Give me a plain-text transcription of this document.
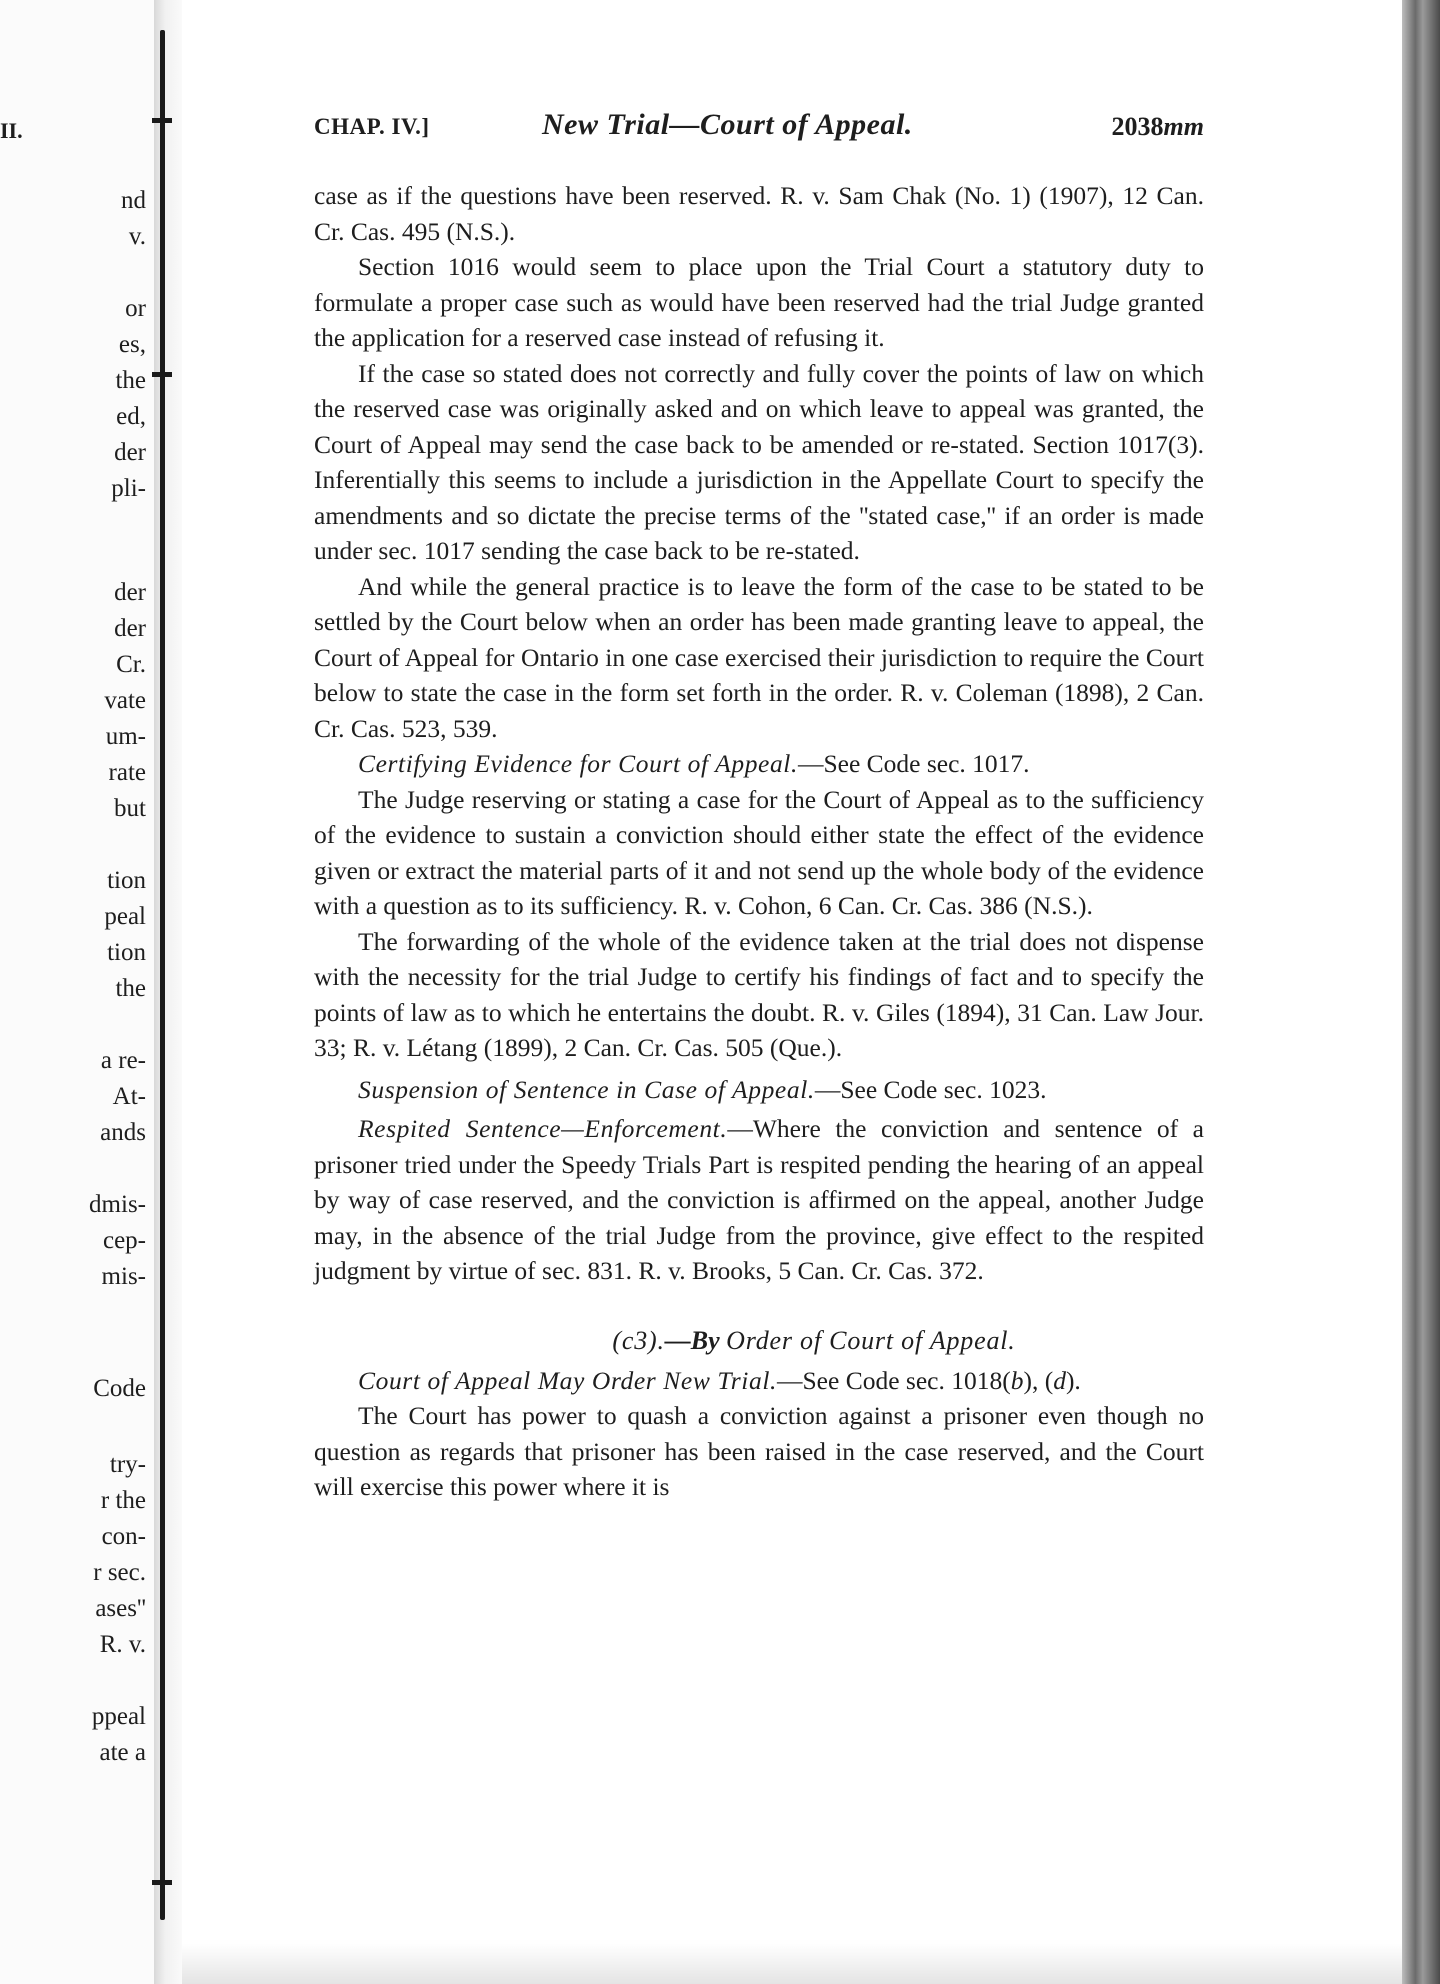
II.
nd
v.
or
es,
the
ed,
der
pli-
der
der
Cr.
vate
um-
rate
but
tion
peal
tion
the
a re-
At-
ands
dmis-
cep-
mis-
Code
try-
r the
con-
r sec.
ases''
R. v.
ppeal
ate a
CHAP. IV.]	New Trial—Court of Appeal.	2038mm

case as if the questions have been reserved. R. v. Sam Chak (No. 1) (1907), 12 Can. Cr. Cas. 495 (N.S.).

Section 1016 would seem to place upon the Trial Court a statutory duty to formulate a proper case such as would have been reserved had the trial Judge granted the application for a reserved case instead of refusing it.

If the case so stated does not correctly and fully cover the points of law on which the reserved case was originally asked and on which leave to appeal was granted, the Court of Appeal may send the case back to be amended or re-stated. Section 1017(3). Inferentially this seems to include a jurisdiction in the Appellate Court to specify the amendments and so dictate the precise terms of the ''stated case,'' if an order is made under sec. 1017 sending the case back to be re-stated.

And while the general practice is to leave the form of the case to be stated to be settled by the Court below when an order has been made granting leave to appeal, the Court of Appeal for Ontario in one case exercised their jurisdiction to require the Court below to state the case in the form set forth in the order. R. v. Coleman (1898), 2 Can. Cr. Cas. 523, 539.

Certifying Evidence for Court of Appeal.—See Code sec. 1017.

The Judge reserving or stating a case for the Court of Appeal as to the sufficiency of the evidence to sustain a conviction should either state the effect of the evidence given or extract the material parts of it and not send up the whole body of the evidence with a question as to its sufficiency. R. v. Cohon, 6 Can. Cr. Cas. 386 (N.S.).

The forwarding of the whole of the evidence taken at the trial does not dispense with the necessity for the trial Judge to certify his findings of fact and to specify the points of law as to which he entertains the doubt. R. v. Giles (1894), 31 Can. Law Jour. 33; R. v. Létang (1899), 2 Can. Cr. Cas. 505 (Que.).

Suspension of Sentence in Case of Appeal.—See Code sec. 1023.

Respited Sentence—Enforcement.—Where the conviction and sentence of a prisoner tried under the Speedy Trials Part is respited pending the hearing of an appeal by way of case reserved, and the conviction is affirmed on the appeal, another Judge may, in the absence of the trial Judge from the province, give effect to the respited judgment by virtue of sec. 831. R. v. Brooks, 5 Can. Cr. Cas. 372.

(c3).—By Order of Court of Appeal.

Court of Appeal May Order New Trial.—See Code sec. 1018(b), (d).

The Court has power to quash a conviction against a prisoner even though no question as regards that prisoner has been raised in the case reserved, and the Court will exercise this power where it is
